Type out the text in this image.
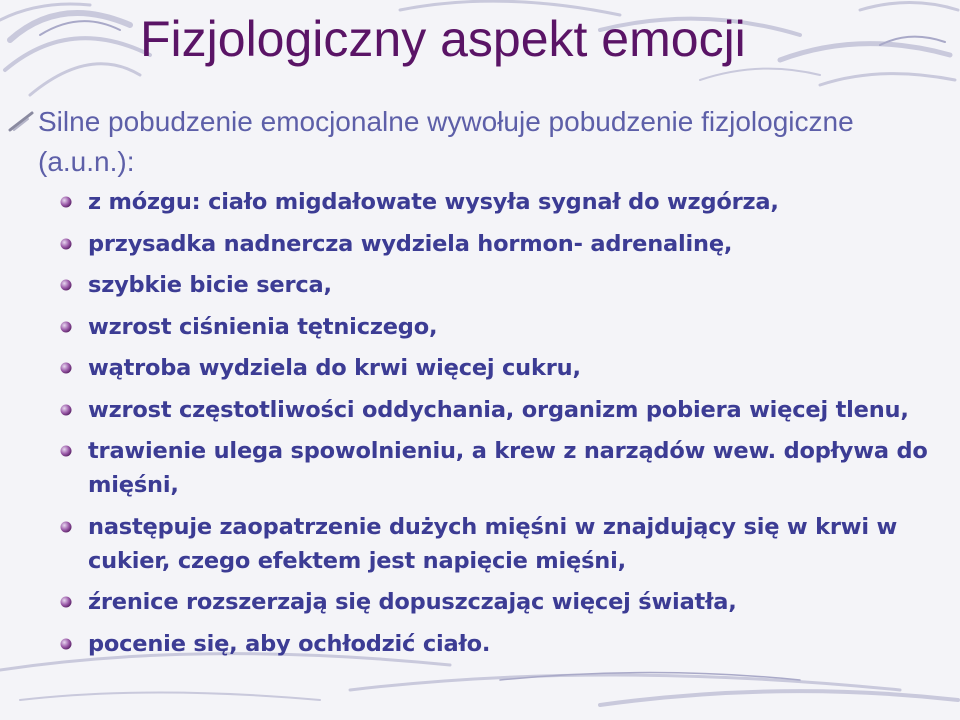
Fizjologiczny aspekt emocji
Silne pobudzenie emocjonalne wywołuje pobudzenie fizjologiczne (a.u.n.):
z mózgu: ciało migdałowate wysyła sygnał do wzgórza,
przysadka nadnercza wydziela hormon- adrenalinę,
szybkie bicie serca,
wzrost ciśnienia tętniczego,
wątroba wydziela do krwi więcej cukru,
wzrost częstotliwości oddychania, organizm pobiera więcej tlenu,
trawienie ulega spowolnieniu, a krew z narządów wew. dopływa do mięśni,
następuje zaopatrzenie dużych mięśni w znajdujący się w krwi w cukier, czego efektem jest napięcie mięśni,
źrenice rozszerzają się dopuszczając więcej światła,
pocenie się, aby ochłodzić ciało.
